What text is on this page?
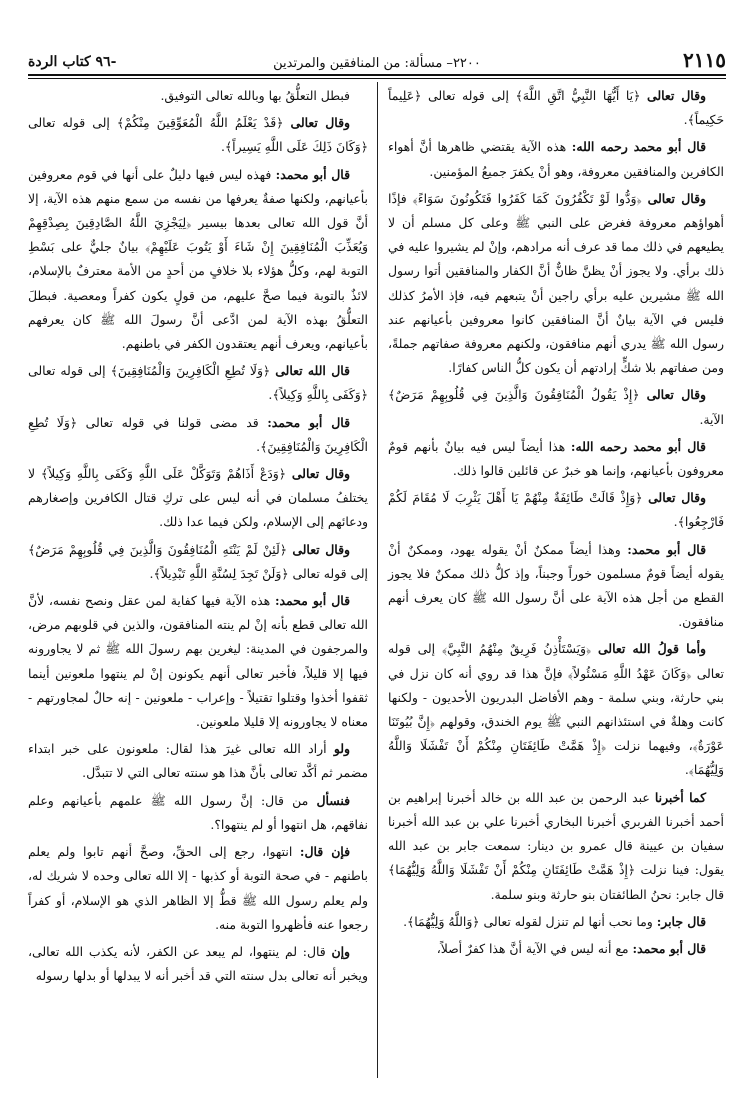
٢١١٥
٢٢٠٠– مسألة: من المنافقين والمرتدين
-٩٦ كتاب الردة

وقال تعالى ﴿يَا أَيُّهَا النَّبِيُّ اتَّقِ اللَّهَ﴾ إلى قوله تعالى ﴿عَلِيماً حَكِيماً﴾.

قال أبو محمد رحمه الله: هذه الآية يقتضي ظاهرها أنَّ أهواء الكافرين والمنافقين معروفة، وهو أنْ يكفرَ جميعُ المؤمنين.

وقال تعالى ﴿وَدُّوا لَوْ تَكْفُرُونَ كَمَا كَفَرُوا فَتَكُونُونَ سَوَاءً﴾ فإذًا أهواؤهم معروفة فغرض على النبي ﷺ وعلى كل مسلم أن لا يطيعهم في ذلك مما قد عرف أنه مرادهم، وإنْ لم يشيروا عليه في ذلك برأي. ولا يجوز أنْ يظنَّ ظانٌّ أنَّ الكفار والمنافقين أتوا رسول الله ﷺ مشيرين عليه برأي راجين أنْ يتبعهم فيه، فإذ الأمرُ كذلك فليس في الآية بيانٌ أنَّ المنافقين كانوا معروفين بأعيانهم عند رسول الله ﷺ يدري أنهم منافقون، ولكنهم معروفة صفاتهم جملةً، ومن صفاتهم بلا شكٍّ إرادتهم أن يكون كلُّ الناس كفارًا.

وقال تعالى ﴿إِذْ يَقُولُ الْمُنَافِقُونَ وَالَّذِينَ فِي قُلُوبِهِمْ مَرَضٌ﴾ الآية.

قال أبو محمد رحمه الله: هذا أيضاً ليس فيه بيانٌ بأنهم قومٌ معروفون بأعيانهم، وإنما هو خبرٌ عن قائلين قالوا ذلك.

وقال تعالى ﴿وَإِذْ قَالَتْ طَائِفَةٌ مِنْهُمْ يَا أَهْلَ يَثْرِبَ لَا مُقَامَ لَكُمْ فَارْجِعُوا﴾.

قال أبو محمد: وهذا أيضاً ممكنٌ أنْ يقوله يهود، وممكنٌ أنْ يقوله أيضاً قومٌ مسلمون خوراً وجبناً، وإذ كلُّ ذلك ممكنٌ فلا يجوز القطع من أجل هذه الآية على أنَّ رسول الله ﷺ كان يعرف أنهم منافقون.

وأما قولُ الله تعالى ﴿وَيَسْتَأْذِنُ فَرِيقٌ مِنْهُمُ النَّبِيَّ﴾ إلى قوله تعالى ﴿وَكَانَ عَهْدُ اللَّهِ مَسْئُولاً﴾ فإنَّ هذا قد روي أنه كان نزل في بني حارثة، وبني سلمة - وهم الأفاضل البدريون الأحديون - ولكنها كانت وهلةٌ في استئذانهم النبي ﷺ يوم الخندق، وقولهم ﴿إِنَّ بُيُوتَنَا عَوْرَةٌ﴾، وفيهما نزلت ﴿إِذْ هَمَّتْ طَائِفَتَانِ مِنْكُمْ أَنْ تَفْشَلَا وَاللَّهُ وَلِيُّهُمَا﴾.

كما أخبرنا عبد الرحمن بن عبد الله بن خالد أخبرنا إبراهيم بن أحمد أخبرنا الفربري أخبرنا البخاري أخبرنا علي بن عبد الله أخبرنا سفيان بن عيينة قال عمرو بن دينار: سمعت جابر بن عبد الله يقول: فينا نزلت ﴿إِذْ هَمَّتْ طَائِفَتَانِ مِنْكُمْ أَنْ تَفْشَلَا وَاللَّهُ وَلِيُّهُمَا﴾ قال جابر: نحنُ الطائفتان بنو حارثة وبنو سلمة.

قال جابر: وما نحب أنها لم تنزل لقوله تعالى ﴿وَاللَّهُ وَلِيُّهُمَا﴾.

قال أبو محمد: مع أنه ليس في الآية أنَّ هذا كفرٌ أصلاً،

فبطل التعلُّقُ بها وبالله تعالى التوفيق.

وقال تعالى ﴿قَدْ يَعْلَمُ اللَّهُ الْمُعَوِّقِينَ مِنْكُمْ﴾ إلى قوله تعالى ﴿وَكَانَ ذَلِكَ عَلَى اللَّهِ يَسِيراً﴾.

قال أبو محمد: فهذه ليس فيها دليلٌ على أنها في قوم معروفين بأعيانهم، ولكنها صفةٌ يعرفها من نفسه من سمع منهم هذه الآية، إلا أنَّ قول الله تعالى بعدها بيسير ﴿لِيَجْزِيَ اللَّهُ الصَّادِقِينَ بِصِدْقِهِمْ وَيُعَذِّبَ الْمُنَافِقِينَ إِنْ شَاءَ أَوْ يَتُوبَ عَلَيْهِمْ﴾ بيانٌ جليٌّ على بَسْطِ التوبة لهم، وكلُّ هؤلاء بلا خلافٍ من أحدٍ من الأمة معترفٌ بالإسلام، لائذٌ بالتوبة فيما صحَّ عليهم، من قولٍ يكون كفراً ومعصية. فبطلَ التعلُّقُ بهذه الآية لمن ادَّعى أنَّ رسولَ الله ﷺ كان يعرفهم بأعيانهم، ويعرف أنهم يعتقدون الكفر في باطنهم.

قال الله تعالى ﴿وَلَا تُطِعِ الْكَافِرِينَ وَالْمُنَافِقِينَ﴾ إلى قوله تعالى ﴿وَكَفَى بِاللَّهِ وَكِيلاً﴾.

قال أبو محمد: قد مضى قولنا في قوله تعالى ﴿وَلَا تُطِعِ الْكَافِرِينَ وَالْمُنَافِقِينَ﴾.

وقال تعالى ﴿وَدَعْ أَذَاهُمْ وَتَوَكَّلْ عَلَى اللَّهِ وَكَفَى بِاللَّهِ وَكِيلاً﴾ لا يختلفُ مسلمان في أنه ليس على تركِ قتال الكافرين وإصغارهم ودعائهم إلى الإسلام، ولكن فيما عدا ذلك.

وقال تعالى ﴿لَئِنْ لَمْ يَنْتَهِ الْمُنَافِقُونَ وَالَّذِينَ فِي قُلُوبِهِمْ مَرَضٌ﴾ إلى قوله تعالى ﴿وَلَنْ تَجِدَ لِسُنَّةِ اللَّهِ تَبْدِيلاً﴾.

قال أبو محمد: هذه الآية فيها كفاية لمن عقل ونصح نفسه، لأنَّ الله تعالى قطع بأنه إنْ لم ينته المنافقون، والذين في قلوبهم مرض، والمرجفون في المدينة: ليغرين بهم رسولَ الله ﷺ ثم لا يجاورونه فيها إلا قليلاً، فأخبر تعالى أنهم يكونون إنْ لم ينتهوا ملعونين أينما ثقفوا أخذوا وقتلوا تقتيلاً - وإعراب - ملعونين - إنه حالٌ لمجاورتهم - معناه لا يجاورونه إلا قليلا ملعونين.

ولو أراد الله تعالى غيرَ هذا لقال: ملعونون على خبر ابتداء مضمر ثم أكَّد تعالى بأنَّ هذا هو سنته تعالى التي لا تتبدَّل.

فنسأل من قال: إنَّ رسول الله ﷺ علمهم بأعيانهم وعلم نفاقهم، هل انتهوا أو لم ينتهوا؟.

فإن قال: انتهوا، رجع إلى الحقِّ، وصحَّ أنهم تابوا ولم يعلم باطنهم - في صحة التوبة أو كذبها - إلا الله تعالى وحده لا شريك له، ولم يعلم رسول الله ﷺ قطُّ إلا الظاهر الذي هو الإسلام، أو كفراً رجعوا عنه فأظهروا التوبة منه.

وإن قال: لم ينتهوا، لم يبعد عن الكفر، لأنه يكذب الله تعالى، ويخبر أنه تعالى بدل سنته التي قد أخبر أنه لا يبدلها أو بدلها رسوله
